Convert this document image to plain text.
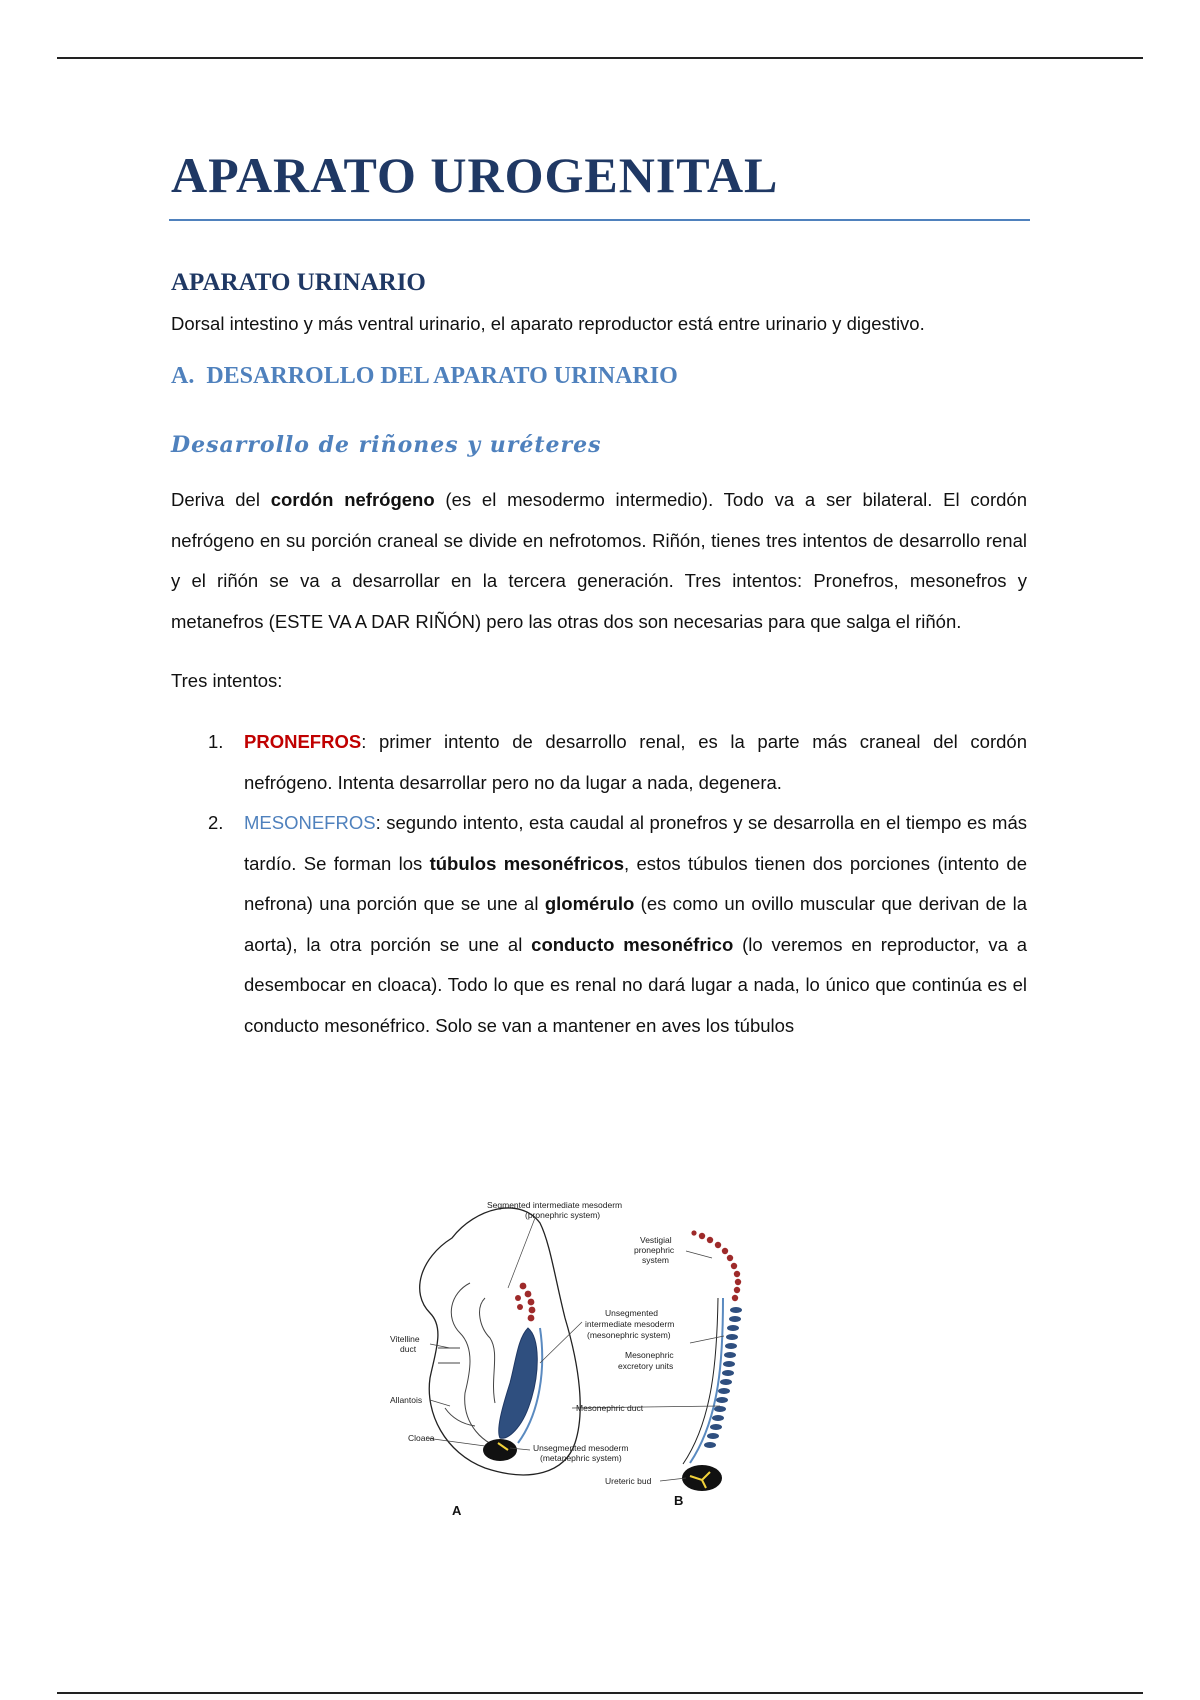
APARATO UROGENITAL
APARATO URINARIO

Dorsal intestino y más ventral urinario, el aparato reproductor está entre urinario y digestivo.

A. DESARROLLO DEL APARATO URINARIO
Desarrollo de riñones y uréteres

Deriva del cordón nefrógeno (es el mesodermo intermedio). Todo va a ser bilateral. El cordón nefrógeno en su porción craneal se divide en nefrotomos. Riñón, tienes tres intentos de desarrollo renal y el riñón se va a desarrollar en la tercera generación. Tres intentos: Pronefros, mesonefros y metanefros (ESTE VA A DAR RIÑÓN) pero las otras dos son necesarias para que salga el riñón.

Tres intentos:

1. PRONEFROS: primer intento de desarrollo renal, es la parte más craneal del cordón nefrógeno. Intenta desarrollar pero no da lugar a nada, degenera.
2. MESONEFROS: segundo intento, esta caudal al pronefros y se desarrolla en el tiempo es más tardío. Se forman los túbulos mesonéfricos, estos túbulos tienen dos porciones (intento de nefrona) una porción que se une al glomérulo (es como un ovillo muscular que derivan de la aorta), la otra porción se une al conducto mesonéfrico (lo veremos en reproductor, va a desembocar en cloaca). Todo lo que es renal no dará lugar a nada, lo único que continúa es el conducto mesonéfrico. Solo se van a mantener en aves los túbulos
Segmented intermediate mesoderm
(pronephric system)
Vestigial
pronephric
system
Vitelline
duct
Unsegmented
intermediate mesoderm
(mesonephric system)
Mesonephric
excretory units
Allantois
Mesonephric duct
Cloaca
Unsegmented mesoderm
(metanephric system)
Ureteric bud
A
B
